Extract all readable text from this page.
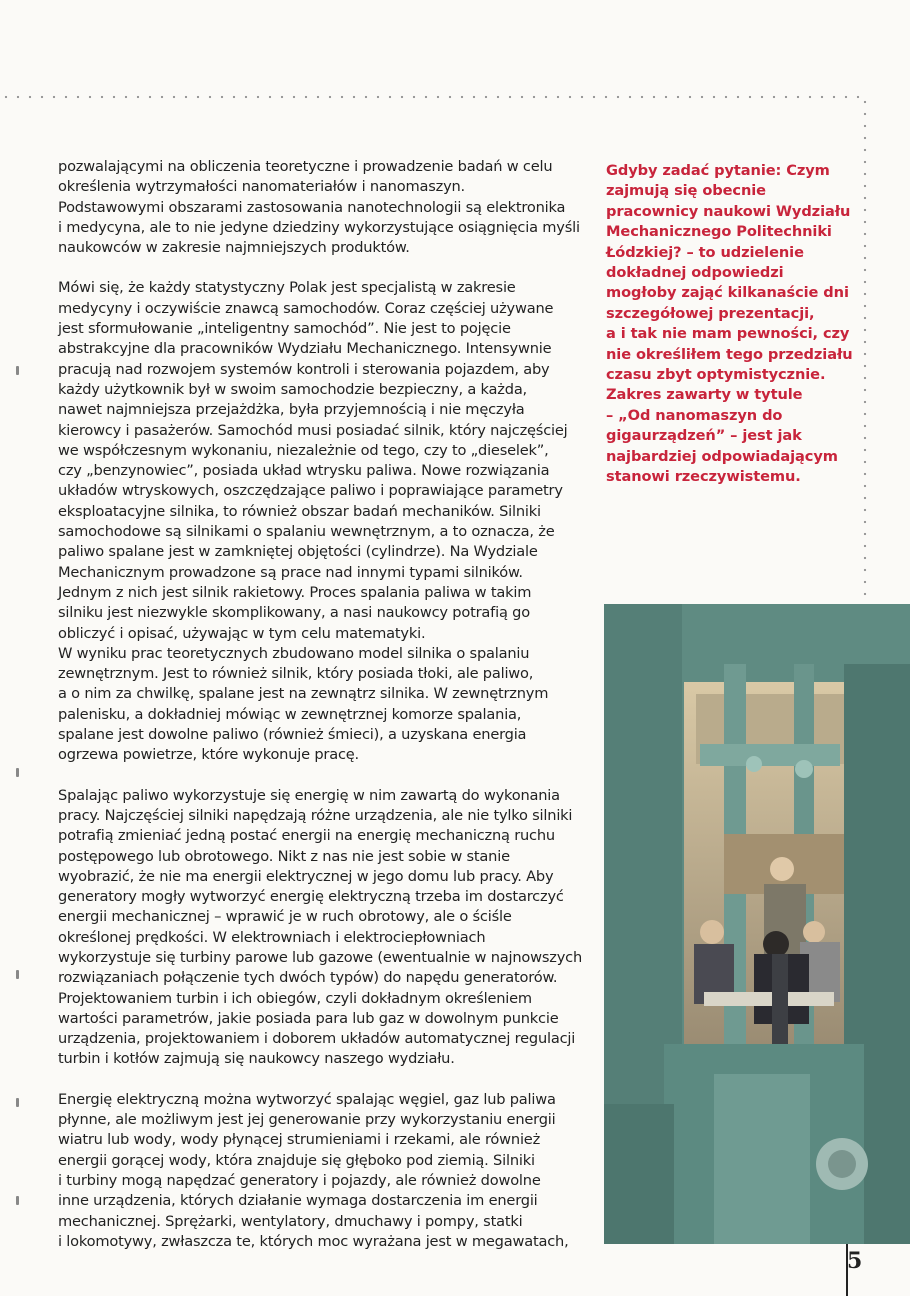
pozwalającymi na obliczenia teoretyczne i prowadzenie badań w celu
określenia wytrzymałości nanomateriałów i nanomaszyn.
Podstawowymi obszarami zastosowania nanotechnologii są elektronika
i medycyna, ale to nie jedyne dziedziny wykorzystujące osiągnięcia myśli
naukowców w zakresie najmniejszych produktów.

Mówi się, że każdy statystyczny Polak jest specjalistą w zakresie
medycyny i oczywiście znawcą samochodów. Coraz częściej używane
jest sformułowanie „inteligentny samochód”. Nie jest to pojęcie
abstrakcyjne dla pracowników Wydziału Mechanicznego. Intensywnie
pracują nad rozwojem systemów kontroli i sterowania pojazdem, aby
każdy użytkownik był w swoim samochodzie bezpieczny, a każda,
nawet najmniejsza przejażdżka, była przyjemnością i nie męczyła
kierowcy i pasażerów. Samochód musi posiadać silnik, który najczęściej
we współczesnym wykonaniu, niezależnie od tego, czy to „dieselek”,
czy „benzynowiec”, posiada układ wtrysku paliwa. Nowe rozwiązania
układów wtryskowych, oszczędzające paliwo i poprawiające parametry
eksploatacyjne silnika, to również obszar badań mechaników. Silniki
samochodowe są silnikami o spalaniu wewnętrznym, a to oznacza, że
paliwo spalane jest w zamkniętej objętości (cylindrze). Na Wydziale
Mechanicznym prowadzone są prace nad innymi typami silników.
Jednym z nich jest silnik rakietowy. Proces spalania paliwa w takim
silniku jest niezwykle skomplikowany, a nasi naukowcy potrafią go
obliczyć i opisać, używając w tym celu matematyki.

W wyniku prac teoretycznych zbudowano model silnika o spalaniu
zewnętrznym. Jest to również silnik, który posiada tłoki, ale paliwo,
a o nim za chwilkę, spalane jest na zewnątrz silnika. W zewnętrznym
palenisku, a dokładniej mówiąc w zewnętrznej komorze spalania,
spalane jest dowolne paliwo (również śmieci), a uzyskana energia
ogrzewa powietrze, które wykonuje pracę.

Spalając paliwo wykorzystuje się energię w nim zawartą do wykonania
pracy. Najczęściej silniki napędzają różne urządzenia, ale nie tylko silniki
potrafią zmieniać jedną postać energii na energię mechaniczną ruchu
postępowego lub obrotowego. Nikt z nas nie jest sobie w stanie
wyobrazić, że nie ma energii elektrycznej w jego domu lub pracy. Aby
generatory mogły wytworzyć energię elektryczną trzeba im dostarczyć
energii mechanicznej – wprawić je w ruch obrotowy, ale o ściśle
określonej prędkości. W elektrowniach i elektrociepłowniach
wykorzystuje się turbiny parowe lub gazowe (ewentualnie w najnowszych
rozwiązaniach połączenie tych dwóch typów) do napędu generatorów.
Projektowaniem turbin i ich obiegów, czyli dokładnym określeniem
wartości parametrów, jakie posiada para lub gaz w dowolnym punkcie
urządzenia, projektowaniem i doborem układów automatycznej regulacji
turbin i kotłów zajmują się naukowcy naszego wydziału.

Energię elektryczną można wytworzyć spalając węgiel, gaz lub paliwa
płynne, ale możliwym jest jej generowanie przy wykorzystaniu energii
wiatru lub wody, wody płynącej strumieniami i rzekami, ale również
energii gorącej wody, która znajduje się głęboko pod ziemią. Silniki
i turbiny mogą napędzać generatory i pojazdy, ale również dowolne
inne urządzenia, których działanie wymaga dostarczenia im energii
mechanicznej. Sprężarki, wentylatory, dmuchawy i pompy, statki
i lokomotywy, zwłaszcza te, których moc wyrażana jest w megawatach,

Gdyby zadać pytanie: Czym
zajmują się obecnie
pracownicy naukowi Wydziału
Mechanicznego Politechniki
Łódzkiej? – to udzielenie
dokładnej odpowiedzi
mogłoby zająć kilkanaście dni
szczegółowej prezentacji,
a i tak nie mam pewności, czy
nie określiłem tego przedziału
czasu zbyt optymistycznie.
Zakres zawarty w tytule
– „Od nanomaszyn do
gigaurządzeń” – jest jak
najbardziej odpowiadającym
stanowi rzeczywistemu.
5
